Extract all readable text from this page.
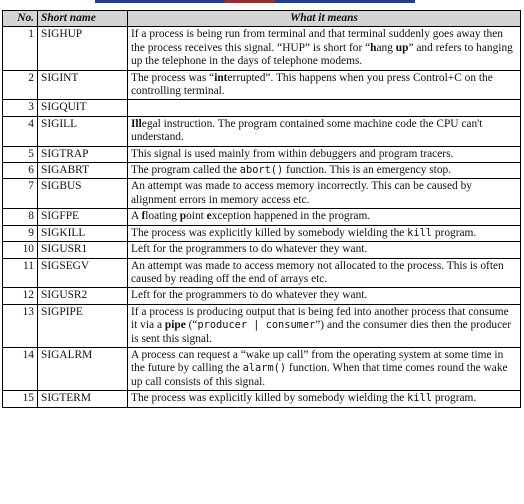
No.	Short name	What it means
1	SIGHUP	If a process is being run from terminal and that terminal suddenly goes away then the process receives this signal. “HUP” is short for “hang up” and refers to hanging up the telephone in the days of telephone modems.
2	SIGINT	The process was “interrupted”. This happens when you press Control+C on the controlling terminal.
3	SIGQUIT	
4	SIGILL	Illegal instruction. The program contained some machine code the CPU can't understand.
5	SIGTRAP	This signal is used mainly from within debuggers and program tracers.
6	SIGABRT	The program called the abort() function. This is an emergency stop.
7	SIGBUS	An attempt was made to access memory incorrectly. This can be caused by alignment errors in memory access etc.
8	SIGFPE	A floating point exception happened in the program.
9	SIGKILL	The process was explicitly killed by somebody wielding the kill program.
10	SIGUSR1	Left for the programmers to do whatever they want.
11	SIGSEGV	An attempt was made to access memory not allocated to the process. This is often caused by reading off the end of arrays etc.
12	SIGUSR2	Left for the programmers to do whatever they want.
13	SIGPIPE	If a process is producing output that is being fed into another process that consume it via a pipe (“producer | consumer”) and the consumer dies then the producer is sent this signal.
14	SIGALRM	A process can request a “wake up call” from the operating system at some time in the future by calling the alarm() function. When that time comes round the wake up call consists of this signal.
15	SIGTERM	The process was explicitly killed by somebody wielding the kill program.
